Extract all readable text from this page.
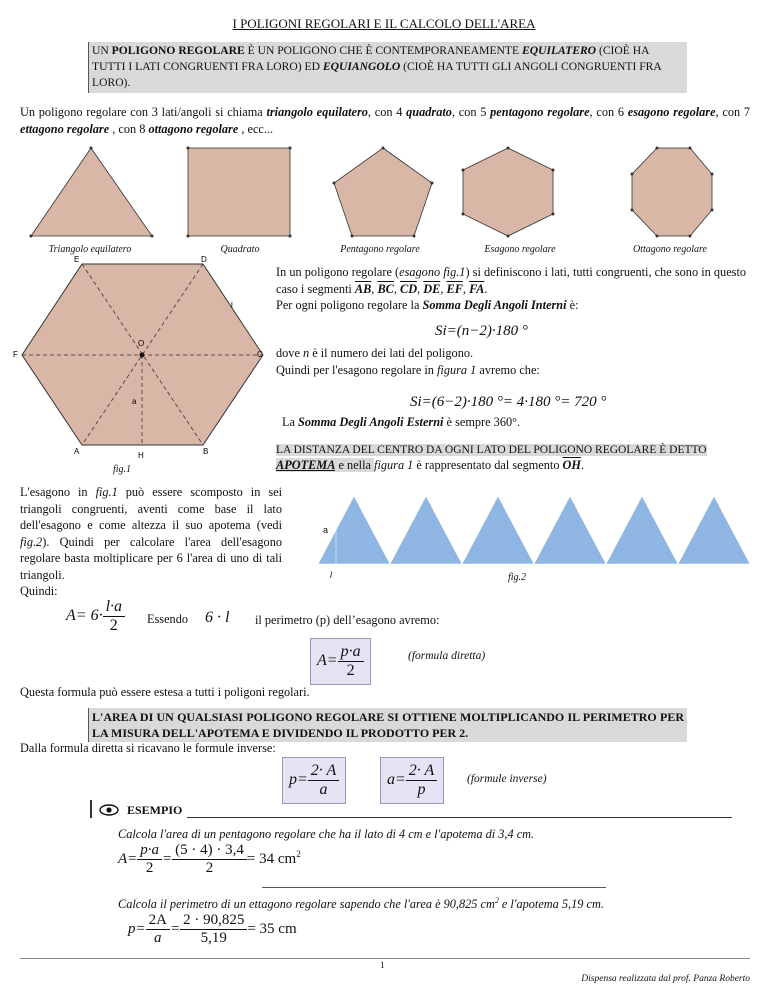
I POLIGONI REGOLARI E IL CALCOLO DELL'AREA
UN POLIGONO REGOLARE È UN POLIGONO CHE È CONTEMPORANEAMENTE EQUILATERO (CIOÈ HA TUTTI I LATI CONGRUENTI FRA LORO) ED EQUIANGOLO (CIOÈ HA TUTTI GLI ANGOLI CONGRUENTI FRA LORO).
Un poligono regolare con 3 lati/angoli si chiama triangolo equilatero, con 4 quadrato, con 5 pentagono regolare, con 6 esagono regolare, con 7 ettagono regolare , con 8 ottagono regolare , ecc...
Triangolo equilatero	Quadrato	Pentagono regolare	Esagono regolare	Ottagono regolare
E	D
C
B
A
F
O
H
l
a
fig.1
In un poligono regolare (esagono fig.1) si definiscono i lati, tutti congruenti, che sono in questo caso i segmenti $\overline{AB}$, $\overline{BC}$, $\overline{CD}$, $\overline{DE}$, $\overline{EF}$, $\overline{FA}$.
Per ogni poligono regolare la Somma Degli Angoli Interni è:
Si=(n−2)·180 °
dove n è il numero dei lati del poligono.
Quindi per l'esagono regolare in figura 1 avremo che:
Si=(6−2)·180 °= 4·180 °= 720 °
La Somma Degli Angoli Esterni è sempre 360°.
LA DISTANZA DEL CENTRO DA OGNI LATO DEL POLIGONO REGOLARE È DETTO APOTEMA e nella figura 1 è rappresentato dal segmento $\overline{OH}$.
L'esagono in fig.1 può essere scomposto in sei triangoli congruenti, aventi come base il lato dell'esagono e come altezza il suo apotema (vedi fig.2). Quindi per calcolare l'area dell'esagono regolare basta moltiplicare per 6 l'area di uno di tali triangoli.
Quindi:
a
l	fig.2
$A= 6\cdot \frac{l\cdot a}{2}$ Essendo 6 · l il perimetro (p) dell’esagono avremo:
$A= \frac{p\cdot a}{2}$	(formula diretta)
Questa formula può essere estesa a tutti i poligoni regolari.
L'AREA DI UN QUALSIASI POLIGONO REGOLARE SI OTTIENE MOLTIPLICANDO IL PERIMETRO PER LA MISURA DELL'APOTEMA E DIVIDENDO IL PRODOTTO PER 2.
Dalla formula diretta si ricavano le formule inverse:
$p= \frac{2\cdot A}{a}$	$a= \frac{2\cdot A}{p}$	(formule inverse)
ESEMPIO
Calcola l'area di un pentagono regolare che ha il lato di 4 cm e l'apotema di 3,4 cm.
$A= \frac{p\cdot a}{2} = \frac{(5 \cdot 4) \cdot 3,4}{2} = 34$ $cm^2$
Calcola il perimetro di un ettagono regolare sapendo che l'area è 90,825 $cm^2$ e l'apotema 5,19 cm.
$p= \frac{2A}{a} = \frac{2 \cdot 90,825}{5,19} = 35$ cm
1
Dispensa realizzata dal prof. Panza Roberto
